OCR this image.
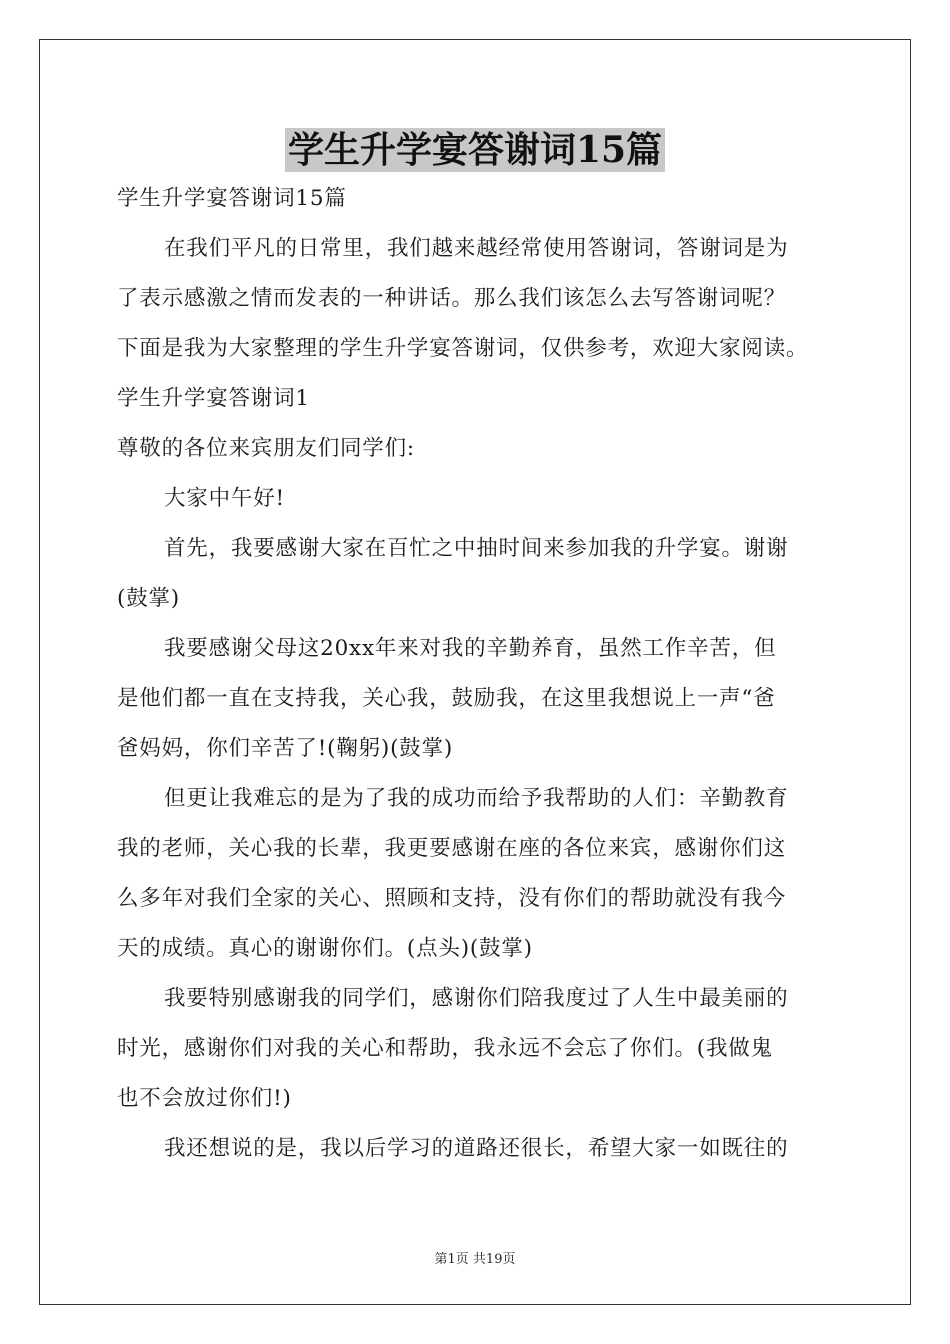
学生升学宴答谢词15篇
学生升学宴答谢词15篇
在我们平凡的日常里，我们越来越经常使用答谢词，答谢词是为
了表示感激之情而发表的一种讲话。那么我们该怎么去写答谢词呢？
下面是我为大家整理的学生升学宴答谢词，仅供参考，欢迎大家阅读。
学生升学宴答谢词1
尊敬的各位来宾朋友们同学们:
大家中午好!
首先，我要感谢大家在百忙之中抽时间来参加我的升学宴。谢谢
(鼓掌)
我要感谢父母这20xx年来对我的辛勤养育，虽然工作辛苦，但
是他们都一直在支持我，关心我，鼓励我，在这里我想说上一声“爸
爸妈妈，你们辛苦了!(鞠躬)(鼓掌)
但更让我难忘的是为了我的成功而给予我帮助的人们：辛勤教育
我的老师，关心我的长辈，我更要感谢在座的各位来宾，感谢你们这
么多年对我们全家的关心、照顾和支持，没有你们的帮助就没有我今
天的成绩。真心的谢谢你们。(点头)(鼓掌)
我要特别感谢我的同学们，感谢你们陪我度过了人生中最美丽的
时光，感谢你们对我的关心和帮助，我永远不会忘了你们。(我做鬼
也不会放过你们!)
我还想说的是，我以后学习的道路还很长，希望大家一如既往的
第1页 共19页
